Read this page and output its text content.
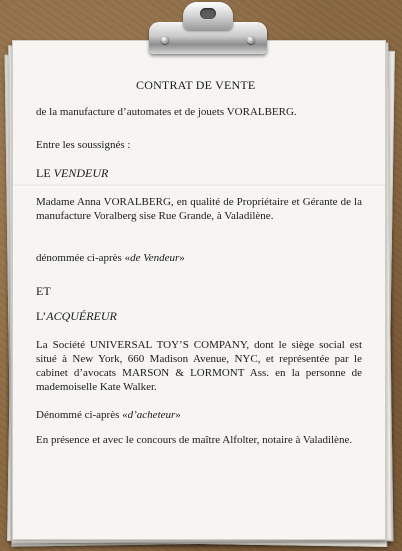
CONTRAT DE VENTE
de la manufacture d’automates et de jouets VORALBERG.
Entre les soussignés :
LE VENDEUR
Madame Anna VORALBERG, en qualité de Propriétaire et Gérante de la manufacture Voralberg sise Rue Grande, à Valadilène.
dénommée ci-après «de Vendeur»
ET
L’ACQUÉREUR
La Société UNIVERSAL TOY’S COMPANY, dont le siège social est situé à New York, 660 Madison Avenue, NYC, et représentée par le cabinet d’avocats MARSON & LORMONT Ass. en la personne de mademoiselle Kate Walker.
Dénommé ci-après «d’acheteur»
En présence et avec le concours de maître Alfolter, notaire à Valadilène.
